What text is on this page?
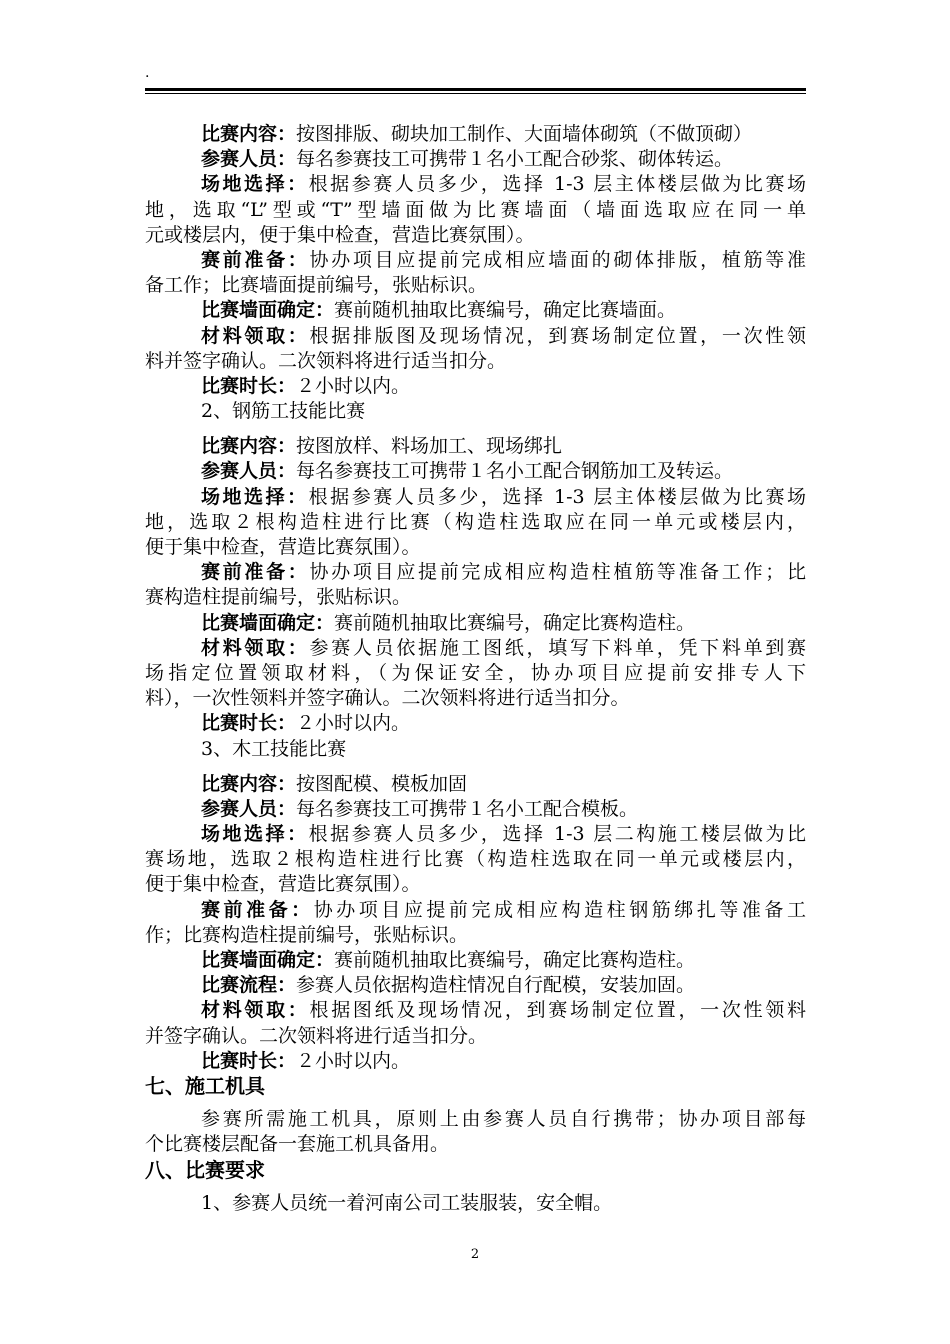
.
比赛内容：按图排版、砌块加工制作、大面墙体砌筑（不做顶砌）
参赛人员：每名参赛技工可携带１名小工配合砂浆、砌体转运。
场地选择：根据参赛人员多少，选择 1-3 层主体楼层做为比赛场
地，选取“L”型或“T”型墙面做为比赛墙面（墙面选取应在同一单
元或楼层内，便于集中检查，营造比赛氛围）。
赛前准备：协办项目应提前完成相应墙面的砌体排版，植筋等准
备工作；比赛墙面提前编号，张贴标识。
比赛墙面确定：赛前随机抽取比赛编号，确定比赛墙面。
材料领取：根据排版图及现场情况，到赛场制定位置，一次性领
料并签字确认。二次领料将进行适当扣分。
比赛时长：２小时以内。
2、钢筋工技能比赛
比赛内容：按图放样、料场加工、现场绑扎
参赛人员：每名参赛技工可携带１名小工配合钢筋加工及转运。
场地选择：根据参赛人员多少，选择 1-3 层主体楼层做为比赛场
地，选取２根构造柱进行比赛（构造柱选取应在同一单元或楼层内，
便于集中检查，营造比赛氛围）。
赛前准备：协办项目应提前完成相应构造柱植筋等准备工作；比
赛构造柱提前编号，张贴标识。
比赛墙面确定：赛前随机抽取比赛编号，确定比赛构造柱。
材料领取：参赛人员依据施工图纸，填写下料单，凭下料单到赛
场指定位置领取材料，（为保证安全，协办项目应提前安排专人下
料），一次性领料并签字确认。二次领料将进行适当扣分。
比赛时长：２小时以内。
3、木工技能比赛
比赛内容：按图配模、模板加固
参赛人员：每名参赛技工可携带１名小工配合模板。
场地选择：根据参赛人员多少，选择 1-3 层二构施工楼层做为比
赛场地，选取２根构造柱进行比赛（构造柱选取在同一单元或楼层内，
便于集中检查，营造比赛氛围）。
赛前准备：协办项目应提前完成相应构造柱钢筋绑扎等准备工
作；比赛构造柱提前编号，张贴标识。
比赛墙面确定：赛前随机抽取比赛编号，确定比赛构造柱。
比赛流程：参赛人员依据构造柱情况自行配模，安装加固。
材料领取：根据图纸及现场情况，到赛场制定位置，一次性领料
并签字确认。二次领料将进行适当扣分。
比赛时长：２小时以内。
七、施工机具
参赛所需施工机具，原则上由参赛人员自行携带；协办项目部每
个比赛楼层配备一套施工机具备用。
八、比赛要求
1、参赛人员统一着河南公司工装服装，安全帽。
2
